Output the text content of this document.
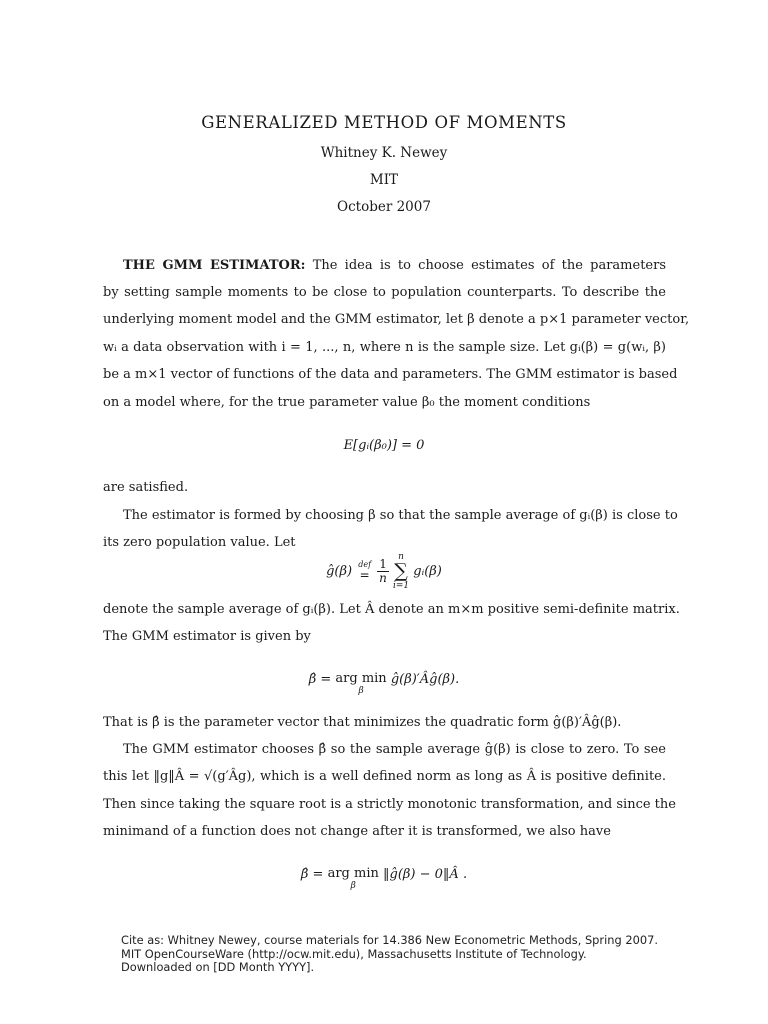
GENERALIZED METHOD OF MOMENTS
Whitney K. Newey
MIT
October 2007
THE GMM ESTIMATOR: The idea is to choose estimates of the parameters
by setting sample moments to be close to population counterparts. To describe the
underlying moment model and the GMM estimator, let β denote a p×1 parameter vector,
wᵢ a data observation with i = 1, ..., n, where n is the sample size. Let gᵢ(β) = g(wᵢ, β)
be a m×1 vector of functions of the data and parameters. The GMM estimator is based
on a model where, for the true parameter value β₀ the moment conditions
E[gᵢ(β₀)] = 0
are satisfied.
The estimator is formed by choosing β so that the sample average of gᵢ(β) is close to
its zero population value. Let
ĝ(β) def
=
$\frac{1}{n}$

n
∑
i=1
gᵢ(β)
denote the sample average of gᵢ(β). Let Â denote an m×m positive semi-definite matrix.
The GMM estimator is given by
β̂ = arg min
β
ĝ(β)′Âĝ(β).
That is β̂ is the parameter vector that minimizes the quadratic form ĝ(β)′Âĝ(β).
The GMM estimator chooses β̂ so the sample average ĝ(β) is close to zero. To see
this let ‖g‖Â = √(g′Âg), which is a well defined norm as long as Â is positive definite.
Then since taking the square root is a strictly monotonic transformation, and since the
minimand of a function does not change after it is transformed, we also have
β̂ = arg min
β
‖ĝ(β) − 0‖Â .
Cite as: Whitney Newey, course materials for 14.386 New Econometric Methods, Spring 2007.
MIT OpenCourseWare (http://ocw.mit.edu), Massachusetts Institute of Technology.
Downloaded on [DD Month YYYY].
